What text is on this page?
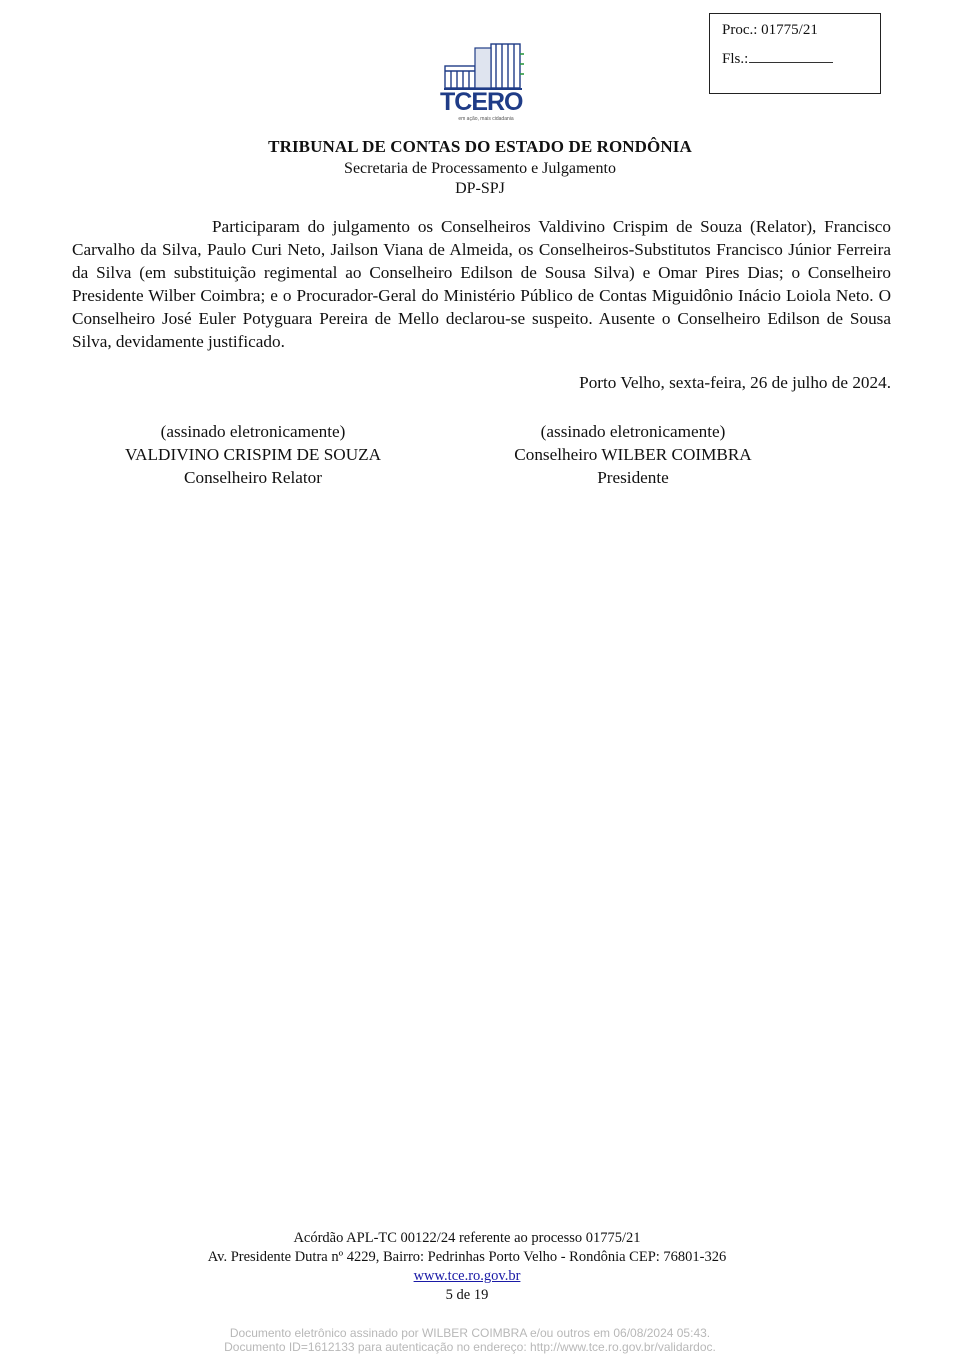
Proc.: 01775/21
Fls.:
TCERO
em ação, mais cidadania
TRIBUNAL DE CONTAS DO ESTADO DE RONDÔNIA
Secretaria de Processamento e Julgamento
DP-SPJ

Participaram do julgamento os Conselheiros Valdivino Crispim de Souza (Relator), Francisco Carvalho da Silva, Paulo Curi Neto, Jailson Viana de Almeida, os Conselheiros-Substitutos Francisco Júnior Ferreira da Silva (em substituição regimental ao Conselheiro Edilson de Sousa Silva) e Omar Pires Dias; o Conselheiro Presidente Wilber Coimbra; e o Procurador-Geral do Ministério Público de Contas Miguidônio Inácio Loiola Neto. O Conselheiro José Euler Potyguara Pereira de Mello declarou-se suspeito. Ausente o Conselheiro Edilson de Sousa Silva, devidamente justificado.

Porto Velho, sexta-feira, 26 de julho de 2024.
(assinado eletronicamente)
VALDIVINO CRISPIM DE SOUZA
Conselheiro Relator
(assinado eletronicamente)
Conselheiro WILBER COIMBRA
Presidente
Acórdão APL-TC 00122/24 referente ao processo 01775/21
Av. Presidente Dutra nº 4229, Bairro: Pedrinhas Porto Velho - Rondônia CEP: 76801-326
www.tce.ro.gov.br
5 de 19
Documento eletrônico assinado por WILBER COIMBRA e/ou outros em 06/08/2024 05:43.
Documento ID=1612133 para autenticação no endereço: http://www.tce.ro.gov.br/validardoc.
